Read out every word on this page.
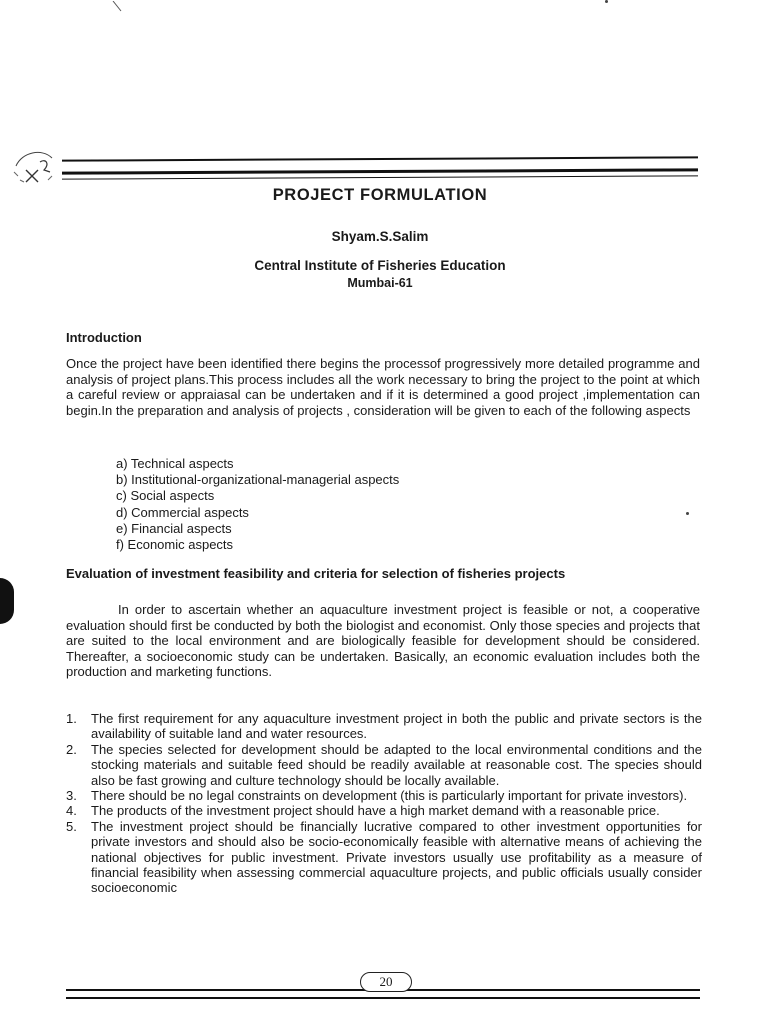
PROJECT FORMULATION
Shyam.S.Salim
Central Institute of Fisheries Education
Mumbai-61
Introduction
Once the project have been identified there begins the processof progressively more detailed programme and analysis of project plans.This process includes all the work necessary to bring the project to the point at which a careful review or appraiasal can be undertaken and if it is determined a good project ,implementation can begin.In the preparation and analysis of projects , consideration will be given to each of the following aspects
a) Technical aspects
b) Institutional-organizational-managerial aspects
c) Social aspects
d) Commercial aspects
e) Financial aspects
f) Economic aspects
Evaluation of investment feasibility and criteria for selection of fisheries projects
In order to ascertain whether an aquaculture investment project is feasible or not, a cooperative evaluation should first be conducted by both the biologist and economist. Only those species and projects that are suited to the local environment and are biologically feasible for development should be considered. Thereafter, a socioeconomic study can be undertaken. Basically, an economic evaluation includes both the production and marketing functions.
1. The first requirement for any aquaculture investment project in both the public and private sectors is the availability of suitable land and water resources.
2. The species selected for development should be adapted to the local environmental conditions and the stocking materials and suitable feed should be readily available at reasonable cost. The species should also be fast growing and culture technology should be locally available.
3. There should be no legal constraints on development (this is particularly important for private investors).
4. The products of the investment project should have a high market demand with a reasonable price.
5. The investment project should be financially lucrative compared to other investment opportunities for private investors and should also be socio-economically feasible with alternative means of achieving the national objectives for public investment. Private investors usually use profitability as a measure of financial feasibility when assessing commercial aquaculture projects, and public officials usually consider socioeconomic
20
